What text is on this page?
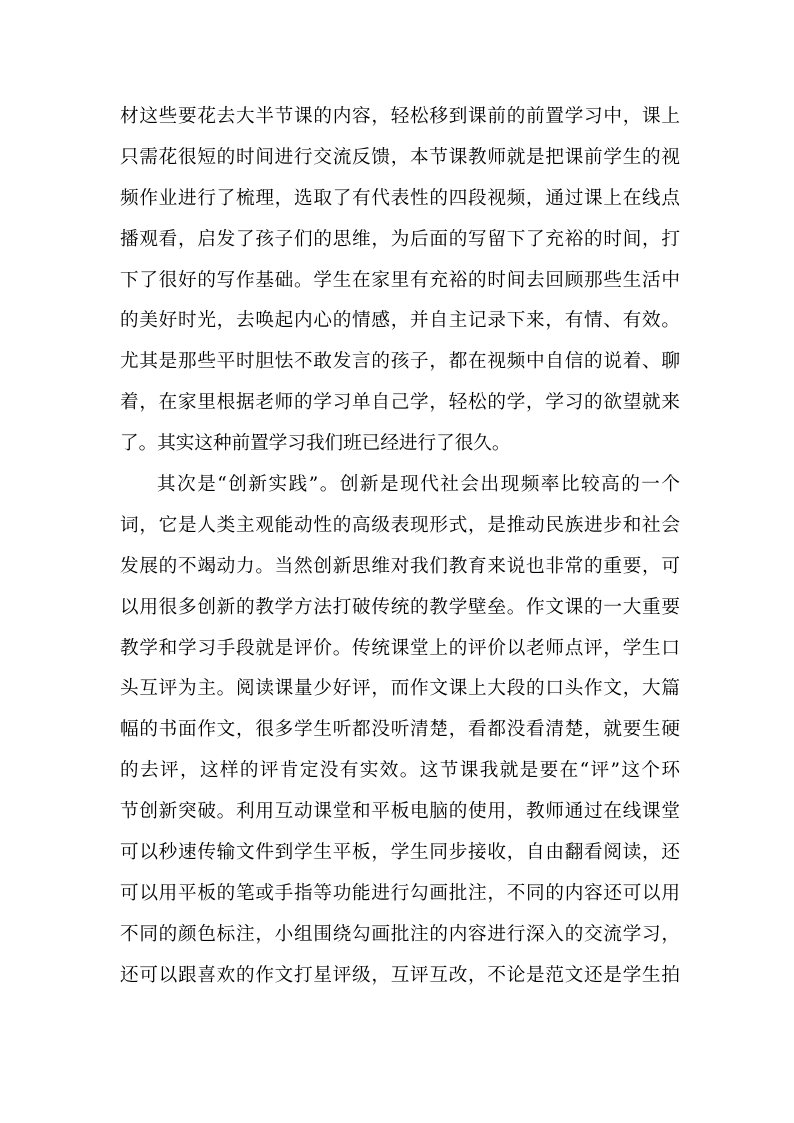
材这些要花去大半节课的内容，轻松移到课前的前置学习中，课上
只需花很短的时间进行交流反馈，本节课教师就是把课前学生的视
频作业进行了梳理，选取了有代表性的四段视频，通过课上在线点
播观看，启发了孩子们的思维，为后面的写留下了充裕的时间，打
下了很好的写作基础。学生在家里有充裕的时间去回顾那些生活中
的美好时光，去唤起内心的情感，并自主记录下来，有情、有效。
尤其是那些平时胆怯不敢发言的孩子，都在视频中自信的说着、聊
着，在家里根据老师的学习单自己学，轻松的学，学习的欲望就来
了。其实这种前置学习我们班已经进行了很久。
其次是“创新实践”。创新是现代社会出现频率比较高的一个
词，它是人类主观能动性的高级表现形式，是推动民族进步和社会
发展的不竭动力。当然创新思维对我们教育来说也非常的重要，可
以用很多创新的教学方法打破传统的教学壁垒。作文课的一大重要
教学和学习手段就是评价。传统课堂上的评价以老师点评，学生口
头互评为主。阅读课量少好评，而作文课上大段的口头作文，大篇
幅的书面作文，很多学生听都没听清楚，看都没看清楚，就要生硬
的去评，这样的评肯定没有实效。这节课我就是要在“评”这个环
节创新突破。利用互动课堂和平板电脑的使用，教师通过在线课堂
可以秒速传输文件到学生平板，学生同步接收，自由翻看阅读，还
可以用平板的笔或手指等功能进行勾画批注，不同的内容还可以用
不同的颜色标注，小组围绕勾画批注的内容进行深入的交流学习，
还可以跟喜欢的作文打星评级，互评互改，不论是范文还是学生拍
